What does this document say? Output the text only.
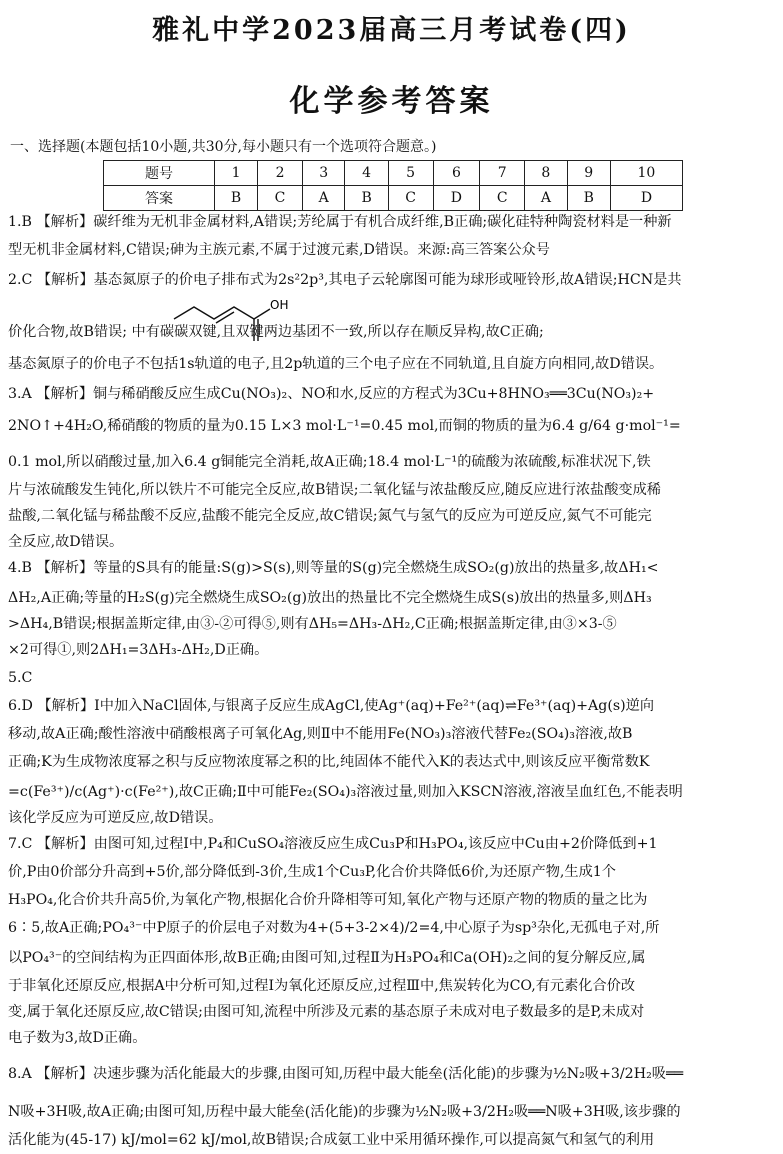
雅礼中学2023届高三月考试卷(四)
化学参考答案
一、选择题(本题包括10小题,共30分,每小题只有一个选项符合题意。)
题号	1	2	3	4	5	6	7	8	9	10
答案	B	C	A	B	C	D	C	A	B	D
OH
1.B 【解析】碳纤维为无机非金属材料,A错误;芳纶属于有机合成纤维,B正确;碳化硅特种陶瓷材料是一种新
型无机非金属材料,C错误;砷为主族元素,不属于过渡元素,D错误。来源:高三答案公众号
2.C 【解析】基态氮原子的价电子排布式为2s²2p³,其电子云轮廓图可能为球形或哑铃形,故A错误;HCN是共
价化合物,故B错误; 中有碳碳双键,且双键两边基团不一致,所以存在顺反异构,故C正确;
基态氮原子的价电子不包括1s轨道的电子,且2p轨道的三个电子应在不同轨道,且自旋方向相同,故D错误。
3.A 【解析】铜与稀硝酸反应生成Cu(NO₃)₂、NO和水,反应的方程式为3Cu+8HNO₃══3Cu(NO₃)₂+
2NO↑+4H₂O,稀硝酸的物质的量为0.15 L×3 mol·L⁻¹=0.45 mol,而铜的物质的量为6.4 g/64 g·mol⁻¹=
0.1 mol,所以硝酸过量,加入6.4 g铜能完全消耗,故A正确;18.4 mol·L⁻¹的硫酸为浓硫酸,标准状况下,铁
片与浓硫酸发生钝化,所以铁片不可能完全反应,故B错误;二氧化锰与浓盐酸反应,随反应进行浓盐酸变成稀
盐酸,二氧化锰与稀盐酸不反应,盐酸不能完全反应,故C错误;氮气与氢气的反应为可逆反应,氮气不可能完
全反应,故D错误。
4.B 【解析】等量的S具有的能量:S(g)>S(s),则等量的S(g)完全燃烧生成SO₂(g)放出的热量多,故ΔH₁<
ΔH₂,A正确;等量的H₂S(g)完全燃烧生成SO₂(g)放出的热量比不完全燃烧生成S(s)放出的热量多,则ΔH₃
>ΔH₄,B错误;根据盖斯定律,由③-②可得⑤,则有ΔH₅=ΔH₃-ΔH₂,C正确;根据盖斯定律,由③×3-⑤
×2可得①,则2ΔH₁=3ΔH₃-ΔH₂,D正确。
5.C
6.D 【解析】Ⅰ中加入NaCl固体,与银离子反应生成AgCl,使Ag⁺(aq)+Fe²⁺(aq)⇌Fe³⁺(aq)+Ag(s)逆向
移动,故A正确;酸性溶液中硝酸根离子可氧化Ag,则Ⅱ中不能用Fe(NO₃)₃溶液代替Fe₂(SO₄)₃溶液,故B
正确;K为生成物浓度幂之积与反应物浓度幂之积的比,纯固体不能代入K的表达式中,则该反应平衡常数K
=c(Fe³⁺)/c(Ag⁺)·c(Fe²⁺),故C正确;Ⅱ中可能Fe₂(SO₄)₃溶液过量,则加入KSCN溶液,溶液呈血红色,不能表明
该化学反应为可逆反应,故D错误。
7.C 【解析】由图可知,过程Ⅰ中,P₄和CuSO₄溶液反应生成Cu₃P和H₃PO₄,该反应中Cu由+2价降低到+1
价,P由0价部分升高到+5价,部分降低到-3价,生成1个Cu₃P,化合价共降低6价,为还原产物,生成1个
H₃PO₄,化合价共升高5价,为氧化产物,根据化合价升降相等可知,氧化产物与还原产物的物质的量之比为
6∶5,故A正确;PO₄³⁻中P原子的价层电子对数为4+(5+3-2×4)/2=4,中心原子为sp³杂化,无孤电子对,所
以PO₄³⁻的空间结构为正四面体形,故B正确;由图可知,过程Ⅱ为H₃PO₄和Ca(OH)₂之间的复分解反应,属
于非氧化还原反应,根据A中分析可知,过程Ⅰ为氧化还原反应,过程Ⅲ中,焦炭转化为CO,有元素化合价改
变,属于氧化还原反应,故C错误;由图可知,流程中所涉及元素的基态原子未成对电子数最多的是P,未成对
电子数为3,故D正确。
8.A 【解析】决速步骤为活化能最大的步骤,由图可知,历程中最大能垒(活化能)的步骤为½N₂吸+3/2H₂吸══
N吸+3H吸,故A正确;由图可知,历程中最大能垒(活化能)的步骤为½N₂吸+3/2H₂吸══N吸+3H吸,该步骤的
活化能为(45-17) kJ/mol=62 kJ/mol,故B错误;合成氨工业中采用循环操作,可以提高氮气和氢气的利用
